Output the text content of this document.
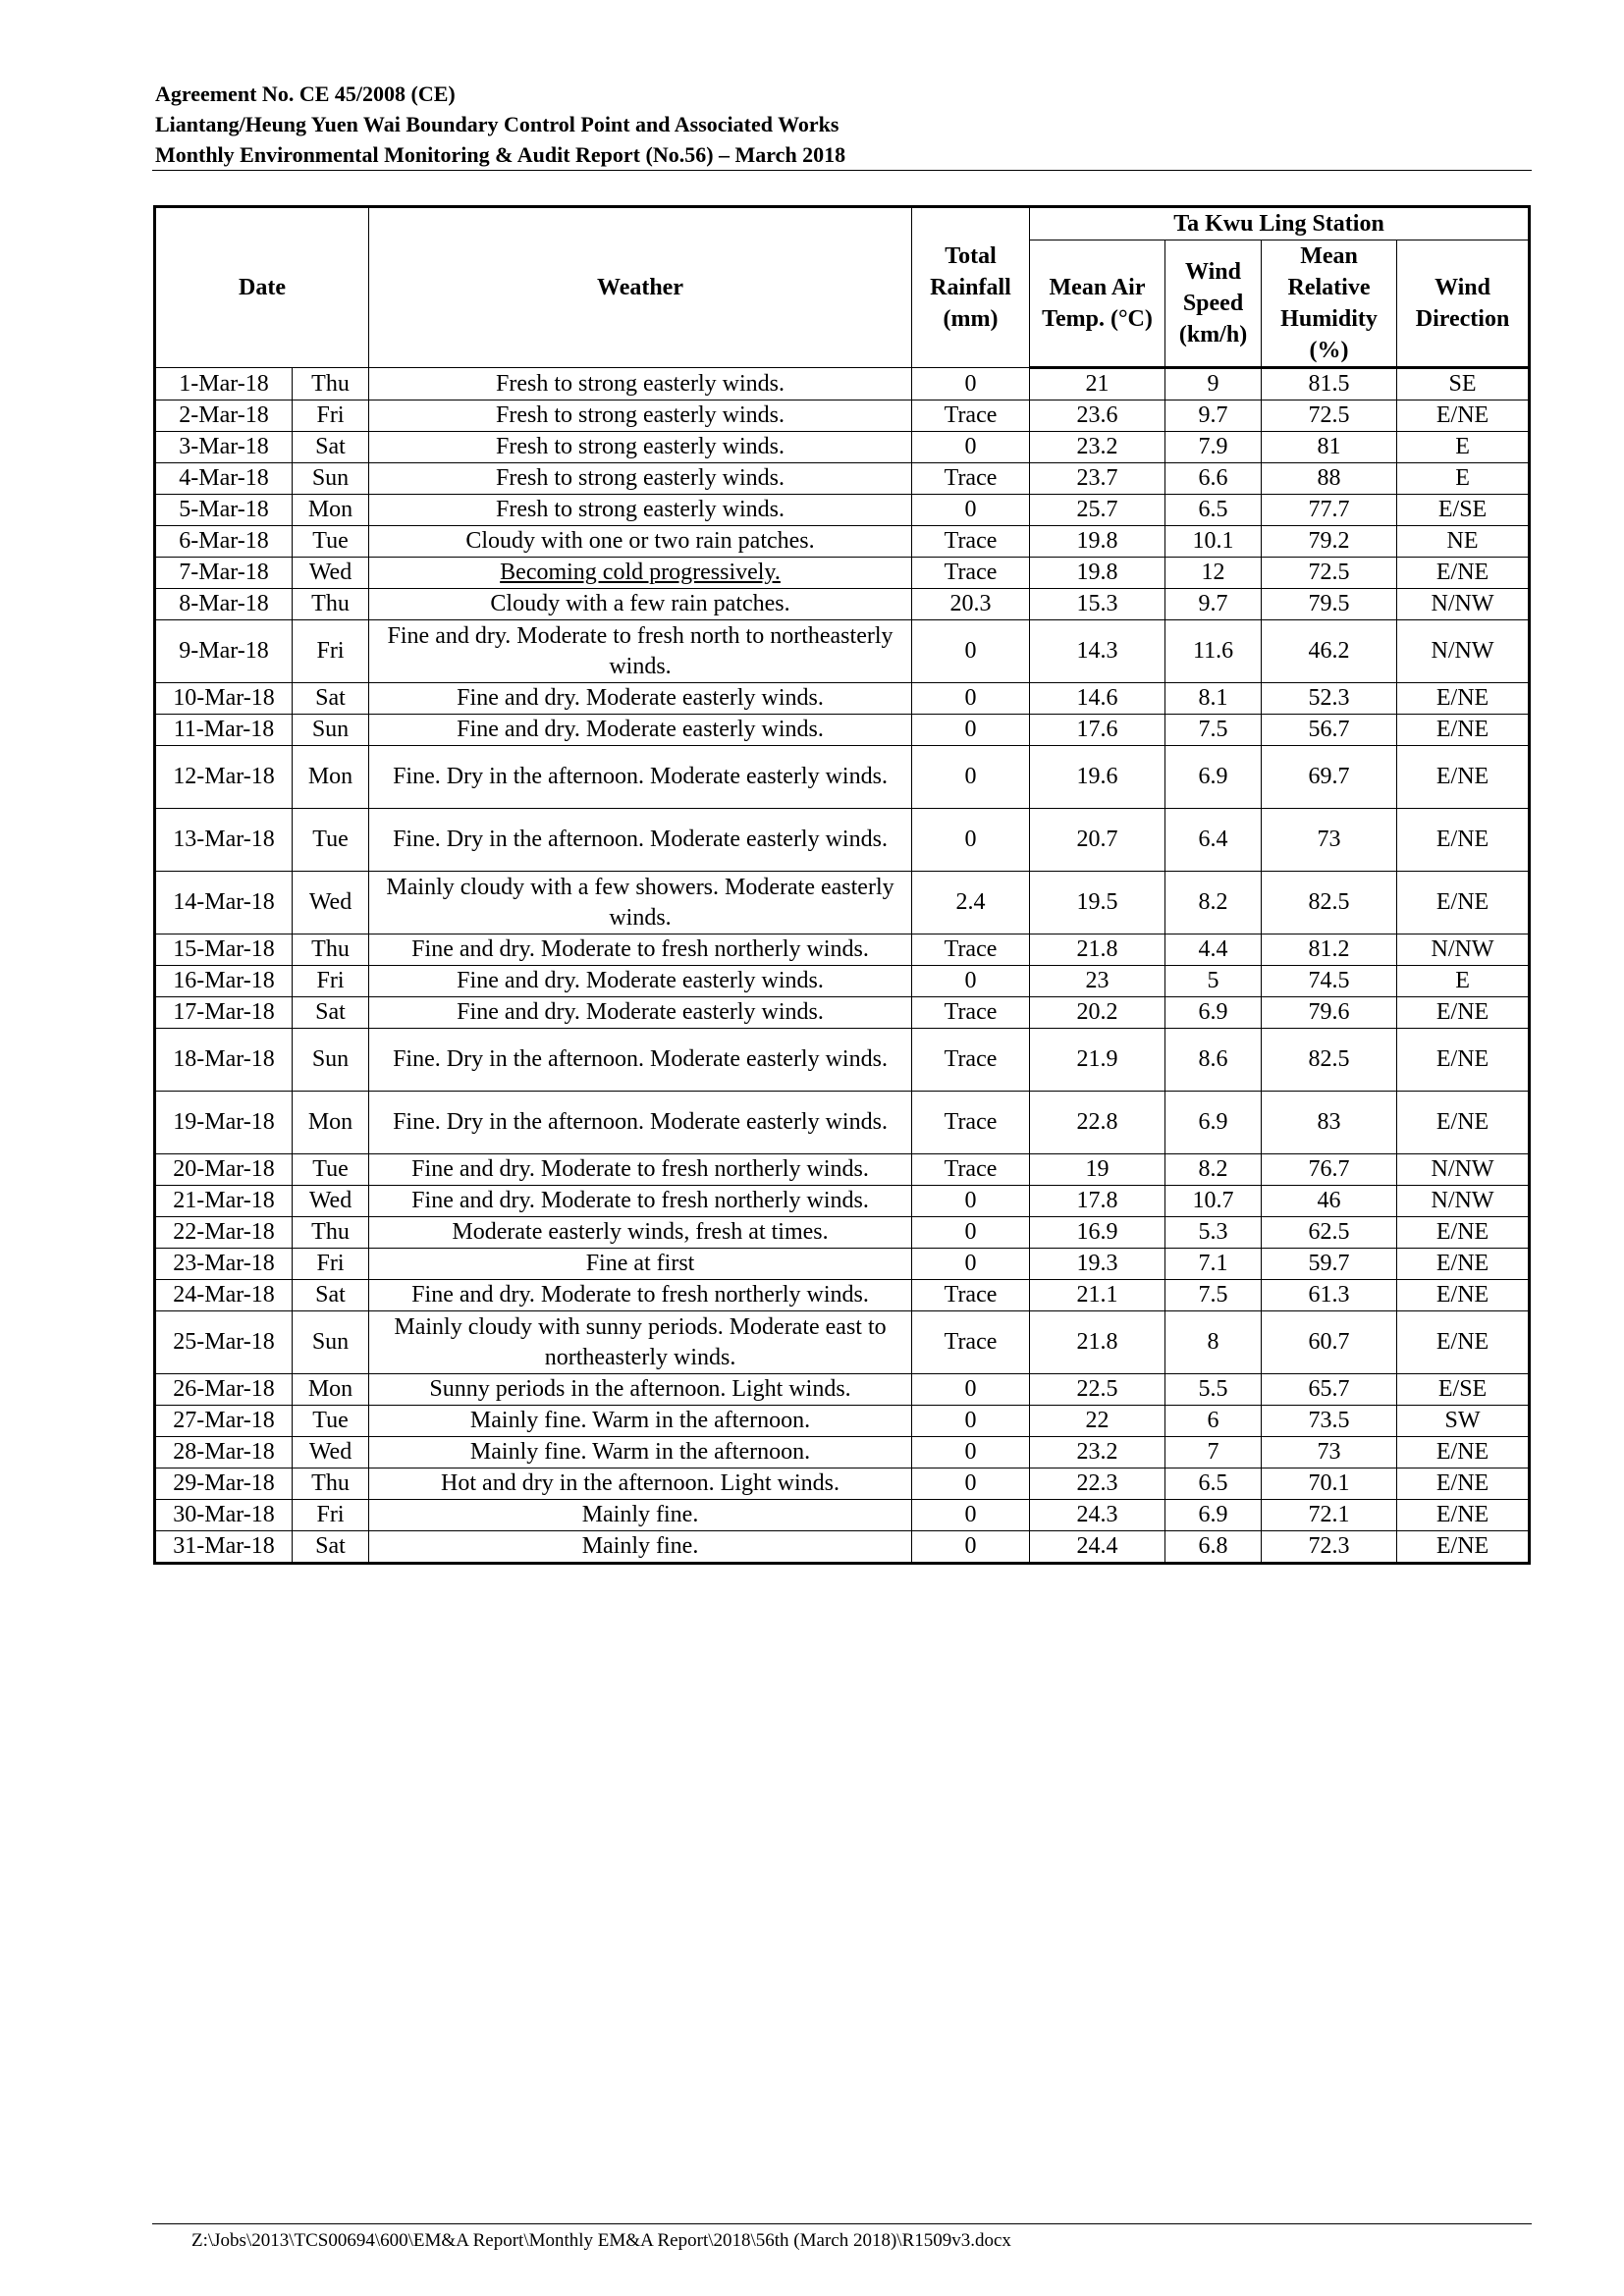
Agreement No. CE 45/2008 (CE)
Liantang/Heung Yuen Wai Boundary Control Point and Associated Works
Monthly Environmental Monitoring & Audit Report (No.56) – March 2018
Date		Weather	Total Rainfall (mm)	Ta Kwu Ling Station			
				Mean Air Temp. (°C)	Wind Speed (km/h)	Mean Relative Humidity (%)	Wind Direction
1-Mar-18	Thu	Fresh to strong easterly winds.	0	21	9	81.5	SE
2-Mar-18	Fri	Fresh to strong easterly winds.	Trace	23.6	9.7	72.5	E/NE
3-Mar-18	Sat	Fresh to strong easterly winds.	0	23.2	7.9	81	E
4-Mar-18	Sun	Fresh to strong easterly winds.	Trace	23.7	6.6	88	E
5-Mar-18	Mon	Fresh to strong easterly winds.	0	25.7	6.5	77.7	E/SE
6-Mar-18	Tue	Cloudy with one or two rain patches.	Trace	19.8	10.1	79.2	NE
7-Mar-18	Wed	Becoming cold progressively.	Trace	19.8	12	72.5	E/NE
8-Mar-18	Thu	Cloudy with a few rain patches.	20.3	15.3	9.7	79.5	N/NW
9-Mar-18	Fri	Fine and dry. Moderate to fresh north to northeasterly winds.	0	14.3	11.6	46.2	N/NW
10-Mar-18	Sat	Fine and dry. Moderate easterly winds.	0	14.6	8.1	52.3	E/NE
11-Mar-18	Sun	Fine and dry. Moderate easterly winds.	0	17.6	7.5	56.7	E/NE
12-Mar-18	Mon	Fine. Dry in the afternoon. Moderate easterly winds.	0	19.6	6.9	69.7	E/NE
13-Mar-18	Tue	Fine. Dry in the afternoon. Moderate easterly winds.	0	20.7	6.4	73	E/NE
14-Mar-18	Wed	Mainly cloudy with a few showers. Moderate easterly winds.	2.4	19.5	8.2	82.5	E/NE
15-Mar-18	Thu	Fine and dry. Moderate to fresh northerly winds.	Trace	21.8	4.4	81.2	N/NW
16-Mar-18	Fri	Fine and dry. Moderate easterly winds.	0	23	5	74.5	E
17-Mar-18	Sat	Fine and dry. Moderate easterly winds.	Trace	20.2	6.9	79.6	E/NE
18-Mar-18	Sun	Fine. Dry in the afternoon. Moderate easterly winds.	Trace	21.9	8.6	82.5	E/NE
19-Mar-18	Mon	Fine. Dry in the afternoon. Moderate easterly winds.	Trace	22.8	6.9	83	E/NE
20-Mar-18	Tue	Fine and dry. Moderate to fresh northerly winds.	Trace	19	8.2	76.7	N/NW
21-Mar-18	Wed	Fine and dry. Moderate to fresh northerly winds.	0	17.8	10.7	46	N/NW
22-Mar-18	Thu	Moderate easterly winds, fresh at times.	0	16.9	5.3	62.5	E/NE
23-Mar-18	Fri	Fine at first	0	19.3	7.1	59.7	E/NE
24-Mar-18	Sat	Fine and dry. Moderate to fresh northerly winds.	Trace	21.1	7.5	61.3	E/NE
25-Mar-18	Sun	Mainly cloudy with sunny periods. Moderate east to northeasterly winds.	Trace	21.8	8	60.7	E/NE
26-Mar-18	Mon	Sunny periods in the afternoon. Light winds.	0	22.5	5.5	65.7	E/SE
27-Mar-18	Tue	Mainly fine. Warm in the afternoon.	0	22	6	73.5	SW
28-Mar-18	Wed	Mainly fine. Warm in the afternoon.	0	23.2	7	73	E/NE
29-Mar-18	Thu	Hot and dry in the afternoon. Light winds.	0	22.3	6.5	70.1	E/NE
30-Mar-18	Fri	Mainly fine.	0	24.3	6.9	72.1	E/NE
31-Mar-18	Sat	Mainly fine.	0	24.4	6.8	72.3	E/NE
Z:\Jobs\2013\TCS00694\600\EM&A Report\Monthly EM&A Report\2018\56th (March 2018)\R1509v3.docx
